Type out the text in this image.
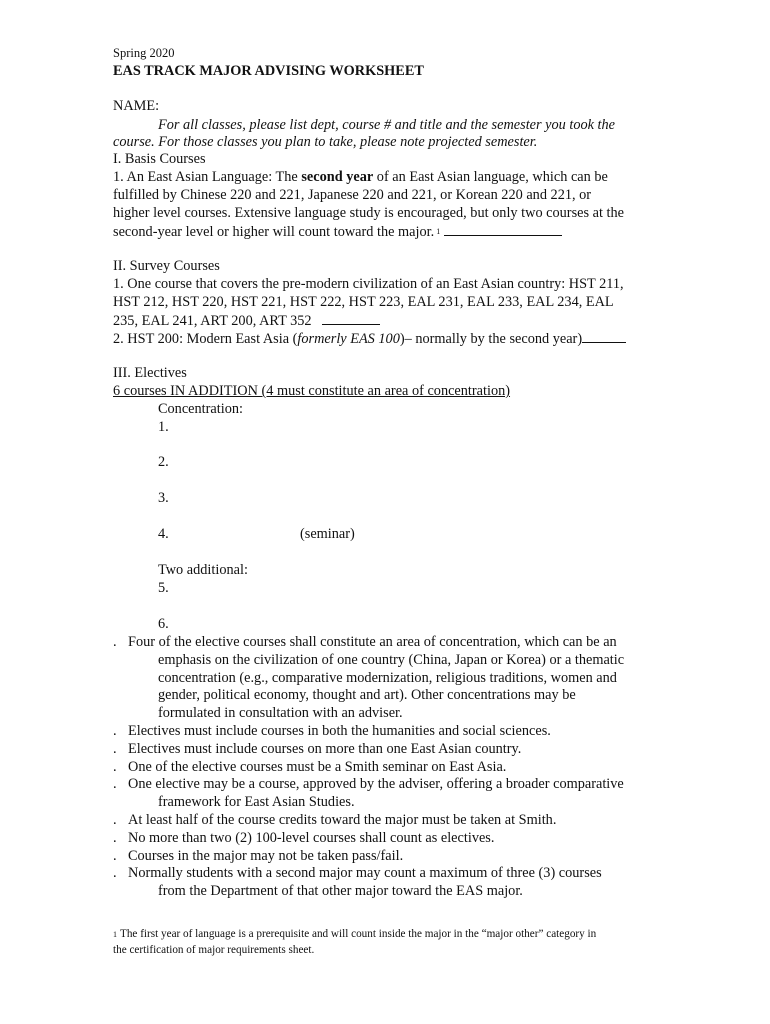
Spring 2020
EAS TRACK MAJOR ADVISING WORKSHEET
NAME:
For all classes, please list dept, course # and title and the semester you took the
course. For those classes you plan to take, please note projected semester.
I. Basis Courses
1. An East Asian Language: The second year of an East Asian language, which can be
fulfilled by Chinese 220 and 221, Japanese 220 and 221, or Korean 220 and 221, or
higher level courses. Extensive language study is encouraged, but only two courses at the
second-year level or higher will count toward the major. $^1$
II. Survey Courses
1. One course that covers the pre-modern civilization of an East Asian country: HST 211,
HST 212, HST 220, HST 221, HST 222, HST 223, EAL 231, EAL 233, EAL 234, EAL
235, EAL 241, ART 200, ART 352
2. HST 200: Modern East Asia (formerly EAS 100)– normally by the second year)
III. Electives
6 courses IN ADDITION (4 must constitute an area of concentration)
Concentration:
1.
2.
3.
4.	(seminar)
Two additional:
5.
6.
. Four of the elective courses shall constitute an area of concentration, which can be an
emphasis on the civilization of one country (China, Japan or Korea) or a thematic
concentration (e.g., comparative modernization, religious traditions, women and
gender, political economy, thought and art). Other concentrations may be
formulated in consultation with an adviser.
. Electives must include courses in both the humanities and social sciences.
. Electives must include courses on more than one East Asian country.
. One of the elective courses must be a Smith seminar on East Asia.
. One elective may be a course, approved by the adviser, offering a broader comparative
framework for East Asian Studies.
. At least half of the course credits toward the major must be taken at Smith.
. No more than two (2) 100-level courses shall count as electives.
. Courses in the major may not be taken pass/fail.
. Normally students with a second major may count a maximum of three (3) courses
from the Department of that other major toward the EAS major.
1 The first year of language is a prerequisite and will count inside the major in the “major other” category in
the certification of major requirements sheet.
